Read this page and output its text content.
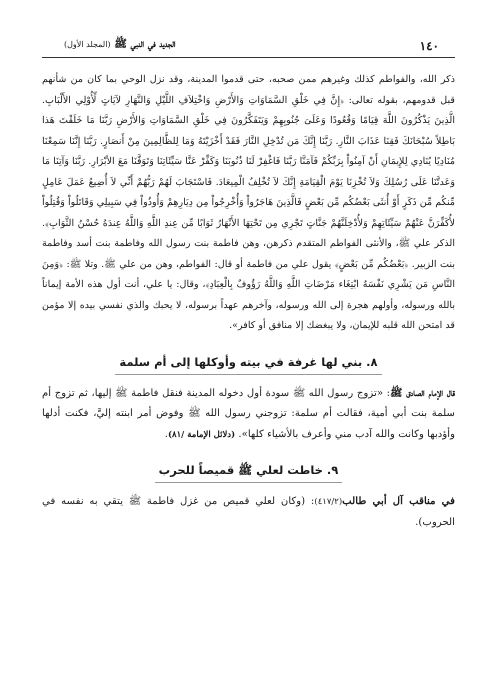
١٤٠
الجديد في النبي ﷺ (المجلد الأول)

ذكر الله، والفواطم كذلك وغيرهم ممن صحبه، حتى قدموا المدينة، وقد نزل الوحي بما كان من شأنهم قبل قدومهم، بقوله تعالى: ﴿إِنَّ فِي خَلْقِ السَّمَاوَاتِ وَالأَرْضِ وَاخْتِلاَفِ اللَّيْلِ وَالنَّهَارِ لآيَاتٍ لِّأُوْلِي الأَلْبَابِ. الَّذِينَ يَذْكُرُونَ اللَّهَ قِيَامًا وَقُعُودًا وَعَلَىَ جُنُوبِهِمْ وَيَتَفَكَّرُونَ فِي خَلْقِ السَّمَاوَاتِ وَالأَرْضِ رَبَّنَا مَا خَلَقْتَ هَذا بَاطِلاً سُبْحَانَكَ فَقِنَا عَذَابَ النَّارِ. رَبَّنَا إِنَّكَ مَن تُدْخِلِ النَّارَ فَقَدْ أَخْزَيْتَهُ وَمَا لِلظَّالِمِينَ مِنْ أَنصَارٍ. رَبَّنَا إِنَّنَا سَمِعْنَا مُنَادِيًا يُنَادِي لِلإِيمَانِ أَنْ آمِنُواْ بِرَبِّكُمْ فَآمَنَّا رَبَّنَا فَاغْفِرْ لَنَا ذُنُوبَنَا وَكَفِّرْ عَنَّا سَيِّئَاتِنَا وَتَوَفَّنَا مَعَ الأبْرَارِ. رَبَّنَا وَآتِنَا مَا وَعَدتَّنَا عَلَى رُسُلِكَ وَلاَ تُخْزِنَا يَوْمَ الْقِيَامَةِ إِنَّكَ لاَ تُخْلِفُ الْمِيعَادَ. فَاسْتَجَابَ لَهُمْ رَبُّهُمْ أَنِّي لاَ أُضِيعُ عَمَلَ عَامِلٍ مِّنكُم مِّن ذَكَرٍ أَوْ أُنثَى بَعْضُكُم مِّن بَعْضٍ فَالَّذِينَ هَاجَرُواْ وَأُخْرِجُواْ مِن دِيَارِهِمْ وَأُوذُواْ فِي سَبِيلِي وَقَاتَلُواْ وَقُتِلُواْ لأُكَفِّرَنَّ عَنْهُمْ سَيِّئَاتِهِمْ وَلأُدْخِلَنَّهُمْ جَنَّاتٍ تَجْرِي مِن تَحْتِهَا الأَنْهَارُ ثَوَابًا مِّن عِندِ اللَّهِ وَاللَّهُ عِندَهُ حُسْنُ الثَّوَابِ﴾. الذكر علي ﷺ، والأنثى الفواطم المتقدم ذكرهن، وهن فاطمة بنت رسول الله وفاطمة بنت أسد وفاطمة بنت الزبير. ﴿بَعْضُكُم مِّن بَعْضٍ﴾ يقول علي من فاطمة أو قال: الفواطم، وهن من علي ﷺ. وتلا ﷺ: ﴿وَمِنَ النَّاسِ مَن يَشْرِي نَفْسَهُ ابْتِغَاء مَرْضَاتِ اللَّهِ وَاللَّهُ رَؤُوفٌ بِالْعِبَادِ﴾، وقال: يا علي، أنت أول هذه الأمة إيماناً بالله ورسوله، وأولهم هجرة إلى الله ورسوله، وآخرهم عهداً برسوله، لا يحبك والذي نفسي بيده إلا مؤمن قد امتحن الله قلبه للإيمان، ولا يبغضك إلا منافق أو كافر».

٨. بني لها غرفة في بيته وأوكلها إلى أم سلمة

قال الإمام الصادق ﷺ: «تزوج رسول الله ﷺ سودة أول دخوله المدينة فنقل فاطمة ﷺ إليها، ثم تزوج أم سلمة بنت أبي أمية، فقالت أم سلمة: تزوجني رسول الله ﷺ وفوض أمر ابنته إليَّ، فكنت أدلها وأؤدبها وكانت والله آدب مني وأعرف بالأشياء كلها». (دلائل الإمامة /٨١).

٩. خاطت لعلي ﷺ قميصاً للحرب

في مناقب آل أبي طالب(٤١٧/٢): (وكان لعلي قميص من غزل فاطمة ﷺ يتقي به نفسه في الحروب).
